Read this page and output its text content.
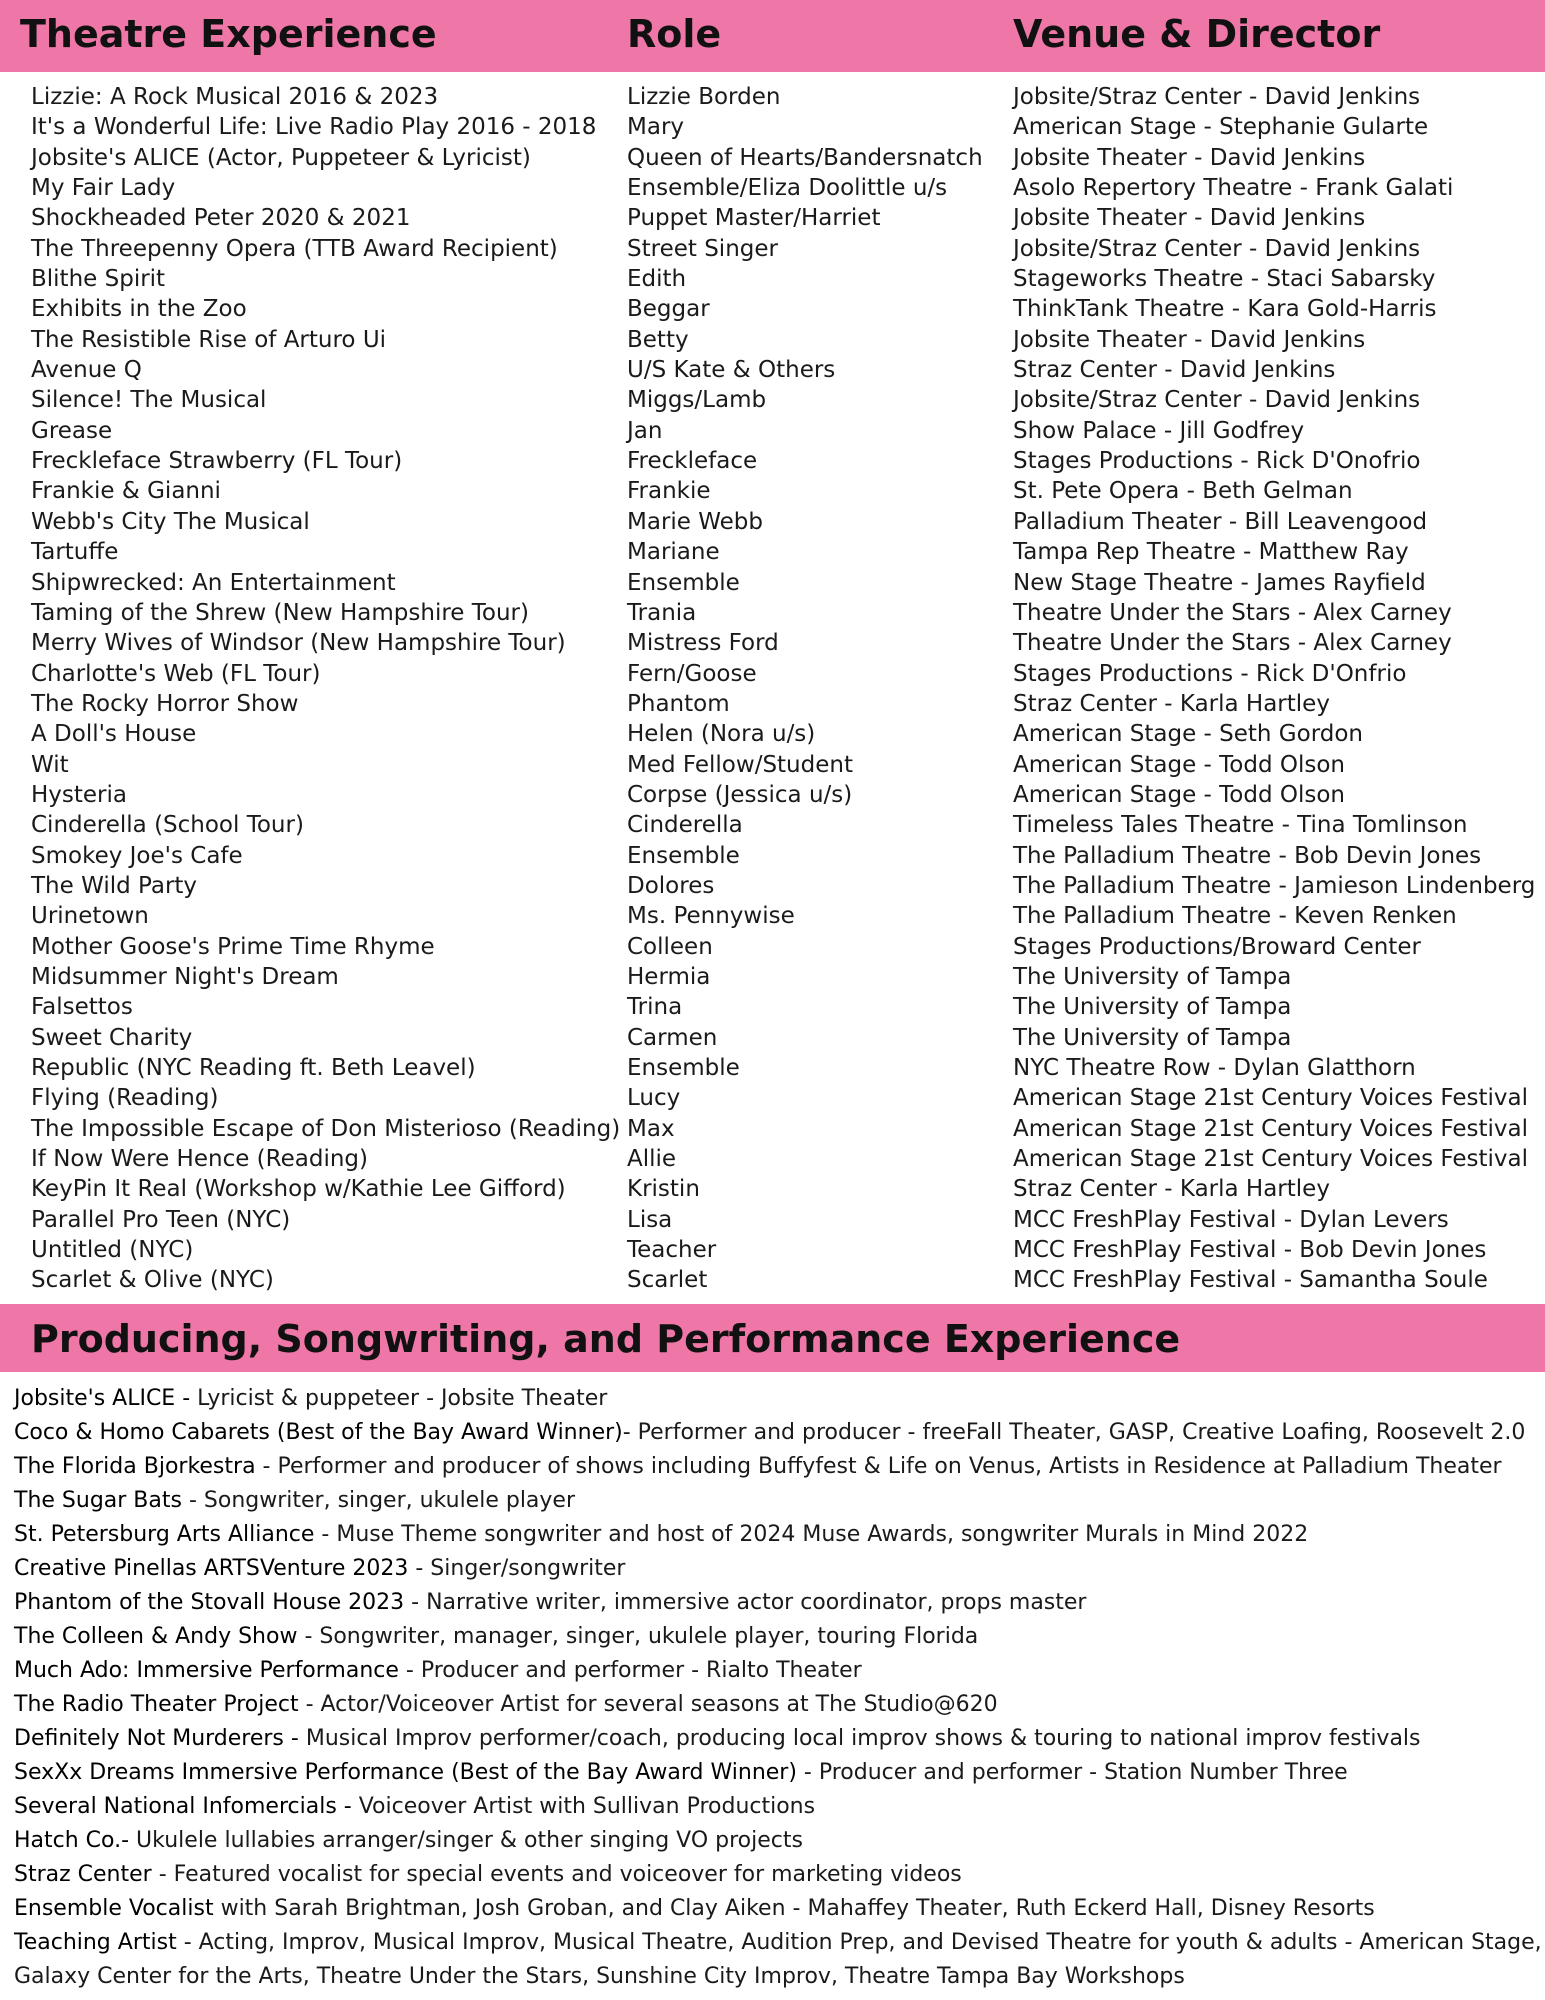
Theatre Experience	Role	Venue & Director
Lizzie: A Rock Musical 2016 & 2023
It's a Wonderful Life: Live Radio Play 2016 - 2018
Jobsite's ALICE (Actor, Puppeteer & Lyricist)
My Fair Lady
Shockheaded Peter 2020 & 2021
The Threepenny Opera (TTB Award Recipient)
Blithe Spirit
Exhibits in the Zoo
The Resistible Rise of Arturo Ui
Avenue Q
Silence! The Musical
Grease
Freckleface Strawberry (FL Tour)
Frankie & Gianni
Webb's City The Musical
Tartuffe
Shipwrecked: An Entertainment
Taming of the Shrew (New Hampshire Tour)
Merry Wives of Windsor (New Hampshire Tour)
Charlotte's Web (FL Tour)
The Rocky Horror Show
A Doll's House
Wit
Hysteria
Cinderella (School Tour)
Smokey Joe's Cafe
The Wild Party
Urinetown
Mother Goose's Prime Time Rhyme
Midsummer Night's Dream
Falsettos
Sweet Charity
Republic (NYC Reading ft. Beth Leavel)
Flying (Reading)
The Impossible Escape of Don Misterioso (Reading)
If Now Were Hence (Reading)
KeyPin It Real (Workshop w/Kathie Lee Gifford)
Parallel Pro Teen (NYC)
Untitled (NYC)
Scarlet & Olive (NYC)
Lizzie Borden
Mary
Queen of Hearts/Bandersnatch
Ensemble/Eliza Doolittle u/s
Puppet Master/Harriet
Street Singer
Edith
Beggar
Betty
U/S Kate & Others
Miggs/Lamb
Jan
Freckleface
Frankie
Marie Webb
Mariane
Ensemble
Trania
Mistress Ford
Fern/Goose
Phantom
Helen (Nora u/s)
Med Fellow/Student
Corpse (Jessica u/s)
Cinderella
Ensemble
Dolores
Ms. Pennywise
Colleen
Hermia
Trina
Carmen
Ensemble
Lucy
Max
Allie
Kristin
Lisa
Teacher
Scarlet
Jobsite/Straz Center - David Jenkins
American Stage - Stephanie Gularte
Jobsite Theater - David Jenkins
Asolo Repertory Theatre - Frank Galati
Jobsite Theater - David Jenkins
Jobsite/Straz Center - David Jenkins
Stageworks Theatre - Staci Sabarsky
ThinkTank Theatre - Kara Gold-Harris
Jobsite Theater - David Jenkins
Straz Center - David Jenkins
Jobsite/Straz Center - David Jenkins
Show Palace - Jill Godfrey
Stages Productions - Rick D'Onofrio
St. Pete Opera - Beth Gelman
Palladium Theater - Bill Leavengood
Tampa Rep Theatre - Matthew Ray
New Stage Theatre - James Rayfield
Theatre Under the Stars - Alex Carney
Theatre Under the Stars - Alex Carney
Stages Productions - Rick D'Onfrio
Straz Center - Karla Hartley
American Stage - Seth Gordon
American Stage - Todd Olson
American Stage - Todd Olson
Timeless Tales Theatre - Tina Tomlinson
The Palladium Theatre - Bob Devin Jones
The Palladium Theatre - Jamieson Lindenberg
The Palladium Theatre - Keven Renken
Stages Productions/Broward Center
The University of Tampa
The University of Tampa
The University of Tampa
NYC Theatre Row - Dylan Glatthorn
American Stage 21st Century Voices Festival
American Stage 21st Century Voices Festival
American Stage 21st Century Voices Festival
Straz Center - Karla Hartley
MCC FreshPlay Festival - Dylan Levers
MCC FreshPlay Festival - Bob Devin Jones
MCC FreshPlay Festival - Samantha Soule
Producing, Songwriting, and Performance Experience
Jobsite's ALICE - Lyricist & puppeteer - Jobsite Theater
Coco & Homo Cabarets (Best of the Bay Award Winner)- Performer and producer - freeFall Theater, GASP, Creative Loafing, Roosevelt 2.0
The Florida Bjorkestra - Performer and producer of shows including Buffyfest & Life on Venus, Artists in Residence at Palladium Theater
The Sugar Bats - Songwriter, singer, ukulele player
St. Petersburg Arts Alliance - Muse Theme songwriter and host of 2024 Muse Awards, songwriter Murals in Mind 2022
Creative Pinellas ARTSVenture 2023 - Singer/songwriter
Phantom of the Stovall House 2023 - Narrative writer, immersive actor coordinator, props master
The Colleen & Andy Show - Songwriter, manager, singer, ukulele player, touring Florida
Much Ado: Immersive Performance - Producer and performer - Rialto Theater
The Radio Theater Project - Actor/Voiceover Artist for several seasons at The Studio@620
Definitely Not Murderers - Musical Improv performer/coach, producing local improv shows & touring to national improv festivals
SexXx Dreams Immersive Performance (Best of the Bay Award Winner) - Producer and performer - Station Number Three
Several National Infomercials - Voiceover Artist with Sullivan Productions
Hatch Co.- Ukulele lullabies arranger/singer & other singing VO projects
Straz Center - Featured vocalist for special events and voiceover for marketing videos
Ensemble Vocalist with Sarah Brightman, Josh Groban, and Clay Aiken - Mahaffey Theater, Ruth Eckerd Hall, Disney Resorts
Teaching Artist - Acting, Improv, Musical Improv, Musical Theatre, Audition Prep, and Devised Theatre for youth & adults - American Stage, Galaxy Center for the Arts, Theatre Under the Stars, Sunshine City Improv, Theatre Tampa Bay Workshops
